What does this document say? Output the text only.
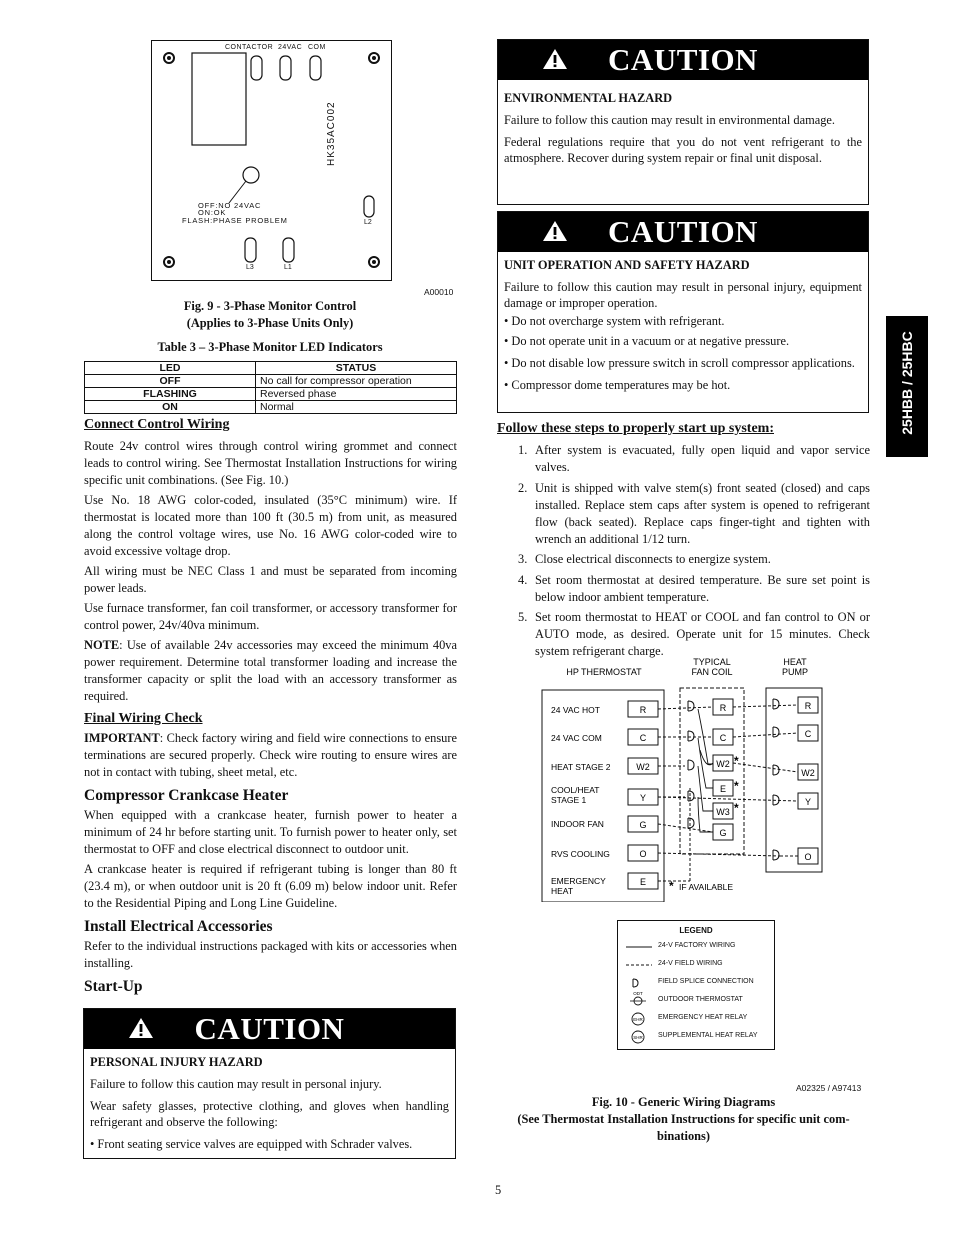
CONTACTOR 24VAC COM
HK35AC002
OFF:NO 24VAC
ON:OK
FLASH:PHASE PROBLEM
L3	L1
L2
A00010
Fig. 9 - 3-Phase Monitor Control
(Applies to 3-Phase Units Only)
Table 3 – 3-Phase Monitor LED Indicators
LED	STATUS
OFF	No call for compressor operation
FLASHING	Reversed phase
ON	Normal
Connect Control Wiring

Route 24v control wires through control wiring grommet and connect leads to control wiring. See Thermostat Installation Instructions for wiring specific unit combinations. (See Fig. 10.)

Use No. 18 AWG color-coded, insulated (35°C minimum) wire. If thermostat is located more than 100 ft (30.5 m) from unit, as measured along the control voltage wires, use No. 16 AWG color-coded wire to avoid excessive voltage drop.

All wiring must be NEC Class 1 and must be separated from incoming power leads.

Use furnace transformer, fan coil transformer, or accessory transformer for control power, 24v/40va minimum.

NOTE: Use of available 24v accessories may exceed the minimum 40va power requirement. Determine total transformer loading and increase the transformer capacity or split the load with an accessory transformer as required.

Final Wiring Check

IMPORTANT: Check factory wiring and field wire connections to ensure terminations are secured properly. Check wire routing to ensure wires are not in contact with tubing, sheet metal, etc.

Compressor Crankcase Heater

When equipped with a crankcase heater, furnish power to heater a minimum of 24 hr before starting unit. To furnish power to heater only, set thermostat to OFF and close electrical disconnect to outdoor unit.

A crankcase heater is required if refrigerant tubing is longer than 80 ft (23.4 m), or when outdoor unit is 20 ft (6.09 m) below indoor unit. Refer to the Residential Piping and Long Line Guideline.

Install Electrical Accessories

Refer to the individual instructions packaged with kits or accessories when installing.

Start-Up
CAUTION
PERSONAL INJURY HAZARD

Failure to follow this caution may result in personal injury.

Wear safety glasses, protective clothing, and gloves when handling refrigerant and observe the following:

• Front seating service valves are equipped with Schrader valves.

CAUTION
ENVIRONMENTAL HAZARD

Failure to follow this caution may result in environmental damage.

Federal regulations require that you do not vent refrigerant to the atmosphere. Recover during system repair or final unit disposal.

CAUTION
UNIT OPERATION AND SAFETY HAZARD

Failure to follow this caution may result in personal injury, equipment damage or improper operation.

• Do not overcharge system with refrigerant.

• Do not operate unit in a vacuum or at negative pressure.

• Do not disable low pressure switch in scroll compressor applications.

• Compressor dome temperatures may be hot.

Follow these steps to properly start up system:
1. After system is evacuated, fully open liquid and vapor service valves.
2. Unit is shipped with valve stem(s) front seated (closed) and caps installed. Replace stem caps after system is opened to refrigerant flow (back seated). Replace caps finger-tight and tighten with wrench an additional 1/12 turn.
3. Close electrical disconnects to energize system.
4. Set room thermostat at desired temperature. Be sure set point is below indoor ambient temperature.
5. Set room thermostat to HEAT or COOL and fan control to ON or AUTO mode, as desired. Operate unit for 15 minutes. Check system refrigerant charge.
HP THERMOSTAT
TYPICAL
FAN COIL
HEAT
PUMP
24 VAC HOT
24 VAC COM
HEAT STAGE 2
COOL/HEAT
STAGE 1
INDOOR FAN
RVS COOLING
EMERGENCY
HEAT
R
C
W2
Y
G
O
E
R
C
W2
E
W3
G
*
*
*
R
C
W2
Y
O
* IF AVAILABLE
LEGEND
ODT
EHR
SHR
24-V FACTORY WIRING
24-V FIELD WIRING
FIELD SPLICE CONNECTION
OUTDOOR THERMOSTAT
EMERGENCY HEAT RELAY
SUPPLEMENTAL HEAT RELAY
A02325 / A97413
Fig. 10 - Generic Wiring Diagrams
(See Thermostat Installation Instructions for specific unit com-
binations)
25HBB / 25HBC
5
